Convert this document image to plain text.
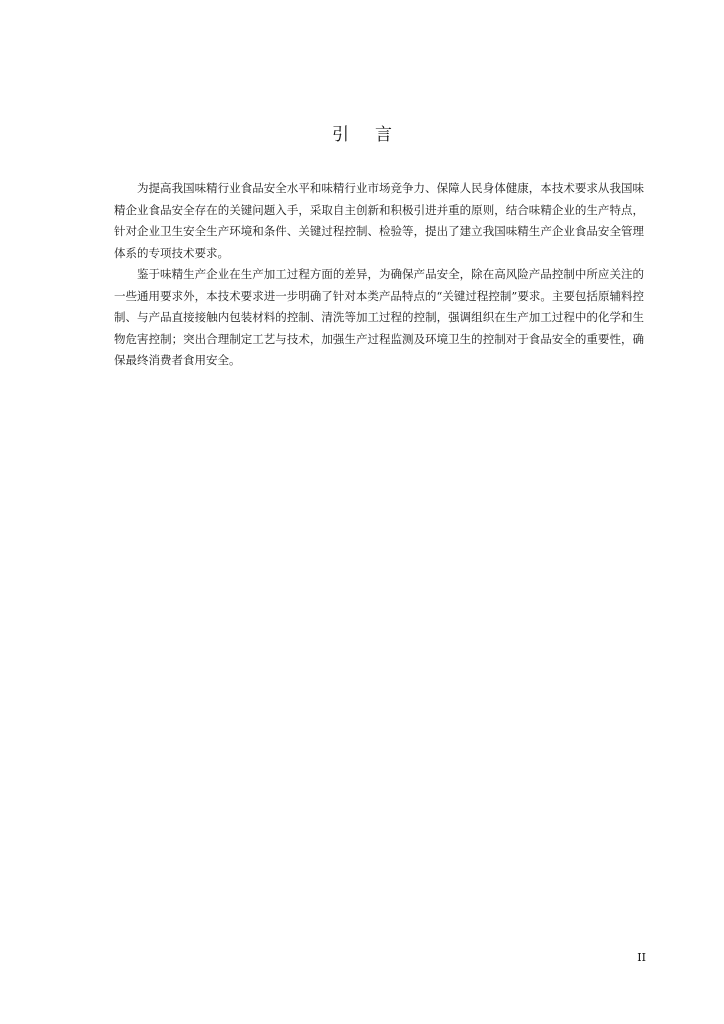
引言

为提高我国味精行业食品安全水平和味精行业市场竞争力、保障人民身体健康，本技术要求从我国味精企业食品安全存在的关键问题入手，采取自主创新和积极引进并重的原则，结合味精企业的生产特点，针对企业卫生安全生产环境和条件、关键过程控制、检验等，提出了建立我国味精生产企业食品安全管理体系的专项技术要求。

鉴于味精生产企业在生产加工过程方面的差异，为确保产品安全，除在高风险产品控制中所应关注的一些通用要求外，本技术要求进一步明确了针对本类产品特点的“关键过程控制”要求。主要包括原辅料控制、与产品直接接触内包装材料的控制、清洗等加工过程的控制，强调组织在生产加工过程中的化学和生物危害控制；突出合理制定工艺与技术，加强生产过程监测及环境卫生的控制对于食品安全的重要性，确保最终消费者食用安全。

II
